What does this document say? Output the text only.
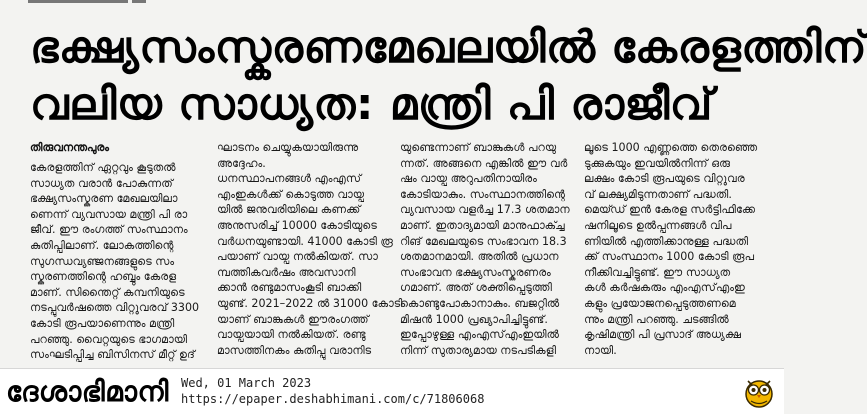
ഭക്ഷ്യസംസ്കരണമേഖലയിൽ കേരളത്തിന്
വലിയ സാധ്യത: മന്ത്രി പി രാജീവ്
തിരുവനന്തപുരം
കേരളത്തിന് ഏറ്റവും കൂടുതൽ
സാധ്യത വരാൻ പോകുന്നത്
ഭക്ഷ്യസംസ്കരണ മേഖലയിലാ
ണെന്ന് വ്യവസായ മന്ത്രി പി രാ
ജീവ്. ഈ രംഗത്ത് സംസ്ഥാനം
കുതിപ്പിലാണ്. ലോകത്തിന്റെ
സുഗന്ധവ്യഞ്ജനങ്ങളുടെ സം
സ്കരണത്തിന്റെ ഹബ്ബും കേരള
മാണ്. സിന്തൈറ്റ് കമ്പനിയുടെ
നടപ്പുവർഷത്തെ വിറ്റുവരവ് 3300
കോടി രൂപയാണെന്നും മന്ത്രി
പറഞ്ഞു. വൈറ്റയുടെ ഭാഗമായി
സംഘടിപ്പിച്ച ബിസിനസ് മീറ്റ് ഉദ്
ഘാടനം ചെയ്യുകയായിരുന്നു
അദ്ദേഹം.
ധനസ്ഥാപനങ്ങൾ എംഎസ്
എംഇകൾക്ക് കൊടുത്ത വായ്പ
യിൽ ജനുവരിയിലെ കണക്ക്
അനുസരിച്ച് 10000 കോടിയുടെ
വർധനയുണ്ടായി. 41000 കോടി രൂ
പയാണ് വായ്പ നൽകിയത്. സാ
മ്പത്തികവർഷം അവസാനി
ക്കാൻ രണ്ടുമാസംകൂടി ബാക്കി
യുണ്ട്. 2021–2022 ൽ 31000 കോടി
യാണ് ബാങ്കുകൾ ഈരംഗത്ത്
വായ്പയായി നൽകിയത്. രണ്ടു
മാസത്തിനകം കുതിപ്പു വരാനിട
യുണ്ടെന്നാണ് ബാങ്കുകൾ പറയു
ന്നത്. അങ്ങനെ എങ്കിൽ ഈ വർ
ഷം വായ്പ അറുപതിനായിരം
കോടിയാകും. സംസ്ഥാനത്തിന്റെ
വ്യവസായ വളർച്ച 17.3 ശതമാന
മാണ്. ഇതാദ്യമായി മാനുഫാക്ച്ച
റിങ് മേഖലയുടെ സംഭാവന 18.3
ശതമാനമായി. അതിൽ പ്രധാന
സംഭാവന ഭക്ഷ്യസംസ്കരണരം
ഗമാണ്. അത് ശക്തിപ്പെടുത്തി
കൊണ്ടുപോകാനാകും. ബജറ്റിൽ
മിഷൻ 1000 പ്രഖ്യാപിച്ചിട്ടുണ്ട്.
ഇപ്പോഴുള്ള എംഎസ്എംഇയിൽ
നിന്ന് സുതാര്യമായ നടപടികളി
ലൂടെ 1000 എണ്ണത്തെ തെരഞ്ഞെ
ടുക്കുകയും ഇവയിൽനിന്ന് ഒരു
ലക്ഷം കോടി രൂപയുടെ വിറ്റുവര
വ് ലക്ഷ്യമിടുന്നതാണ് പദ്ധതി.
മെയ്ഡ് ഇൻ കേരള സർട്ടിഫിക്കേ
ഷനിലൂടെ ഉൽപ്പന്നങ്ങൾ വിപ
ണിയിൽ എത്തിക്കാനുള്ള പദ്ധതി
ക്ക് സംസ്ഥാനം 1000 കോടി രൂപ
നീക്കിവച്ചിട്ടുണ്ട്. ഈ സാധ്യത
കൾ കർഷകരും എംഎസ്എംഇ
കളും പ്രയോജനപ്പെടുത്തണമെ
ന്നും മന്ത്രി പറഞ്ഞു. ചടങ്ങിൽ
കൃഷിമന്ത്രി പി പ്രസാദ് അധ്യക്ഷ
നായി.
ദേശാഭിമാനി Wed, 01 March 2023
https://epaper.deshabhimani.com/c/71806068
